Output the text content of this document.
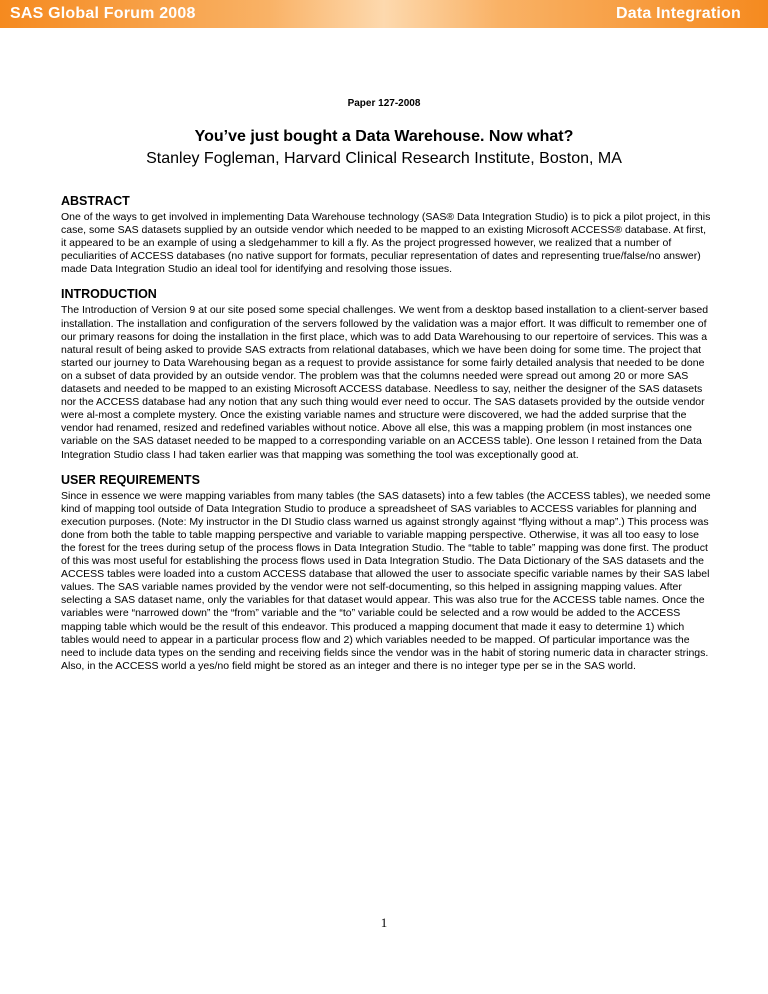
SAS Global Forum 2008	Data Integration
Paper 127-2008
You’ve just bought a Data Warehouse. Now what?
Stanley Fogleman, Harvard Clinical Research Institute, Boston, MA
ABSTRACT

One of the ways to get involved in implementing Data Warehouse technology (SAS® Data Integration Studio) is to pick a pilot project, in this case, some SAS datasets supplied by an outside vendor which needed to be mapped to an existing Microsoft ACCESS® database. At first, it appeared to be an example of using a sledgehammer to kill a fly. As the project progressed however, we realized that a number of peculiarities of ACCESS databases (no native support for formats, peculiar representation of dates and representing true/false/no answer) made Data Integration Studio an ideal tool for identifying and resolving those issues.

INTRODUCTION

The Introduction of Version 9 at our site posed some special challenges. We went from a desktop based installation to a client-server based installation. The installation and configuration of the servers followed by the validation was a major effort. It was difficult to remember one of our primary reasons for doing the installation in the first place, which was to add Data Warehousing to our repertoire of services. This was a natural result of being asked to provide SAS extracts from relational databases, which we have been doing for some time. The project that started our journey to Data Warehousing began as a request to provide assistance for some fairly detailed analysis that needed to be done on a subset of data provided by an outside vendor. The problem was that the columns needed were spread out among 20 or more SAS datasets and needed to be mapped to an existing Microsoft ACCESS database. Needless to say, neither the designer of the SAS datasets nor the ACCESS database had any notion that any such thing would ever need to occur. The SAS datasets provided by the outside vendor were al-most a complete mystery. Once the existing variable names and structure were discovered, we had the added surprise that the vendor had renamed, resized and redefined variables without notice. Above all else, this was a mapping problem (in most instances one variable on the SAS dataset needed to be mapped to a corresponding variable on an ACCESS table). One lesson I retained from the Data Integration Studio class I had taken earlier was that mapping was something the tool was exceptionally good at.

USER REQUIREMENTS

Since in essence we were mapping variables from many tables (the SAS datasets) into a few tables (the ACCESS tables), we needed some kind of mapping tool outside of Data Integration Studio to produce a spreadsheet of SAS variables to ACCESS variables for planning and execution purposes. (Note: My instructor in the DI Studio class warned us against strongly against “flying without a map”.) This process was done from both the table to table mapping perspective and variable to variable mapping perspective. Otherwise, it was all too easy to lose the forest for the trees during setup of the process flows in Data Integration Studio. The “table to table” mapping was done first. The product of this was most useful for establishing the process flows used in Data Integration Studio. The Data Dictionary of the SAS datasets and the ACCESS tables were loaded into a custom ACCESS database that allowed the user to associate specific variable names by their SAS label values. The SAS variable names provided by the vendor were not self-documenting, so this helped in assigning mapping values. After selecting a SAS dataset name, only the variables for that dataset would appear. This was also true for the ACCESS table names. Once the variables were “narrowed down” the “from” variable and the “to” variable could be selected and a row would be added to the ACCESS mapping table which would be the result of this endeavor. This produced a mapping document that made it easy to determine 1) which tables would need to appear in a particular process flow and 2) which variables needed to be mapped. Of particular importance was the need to include data types on the sending and receiving fields since the vendor was in the habit of storing numeric data in character strings. Also, in the ACCESS world a yes/no field might be stored as an integer and there is no integer type per se in the SAS world.

1
